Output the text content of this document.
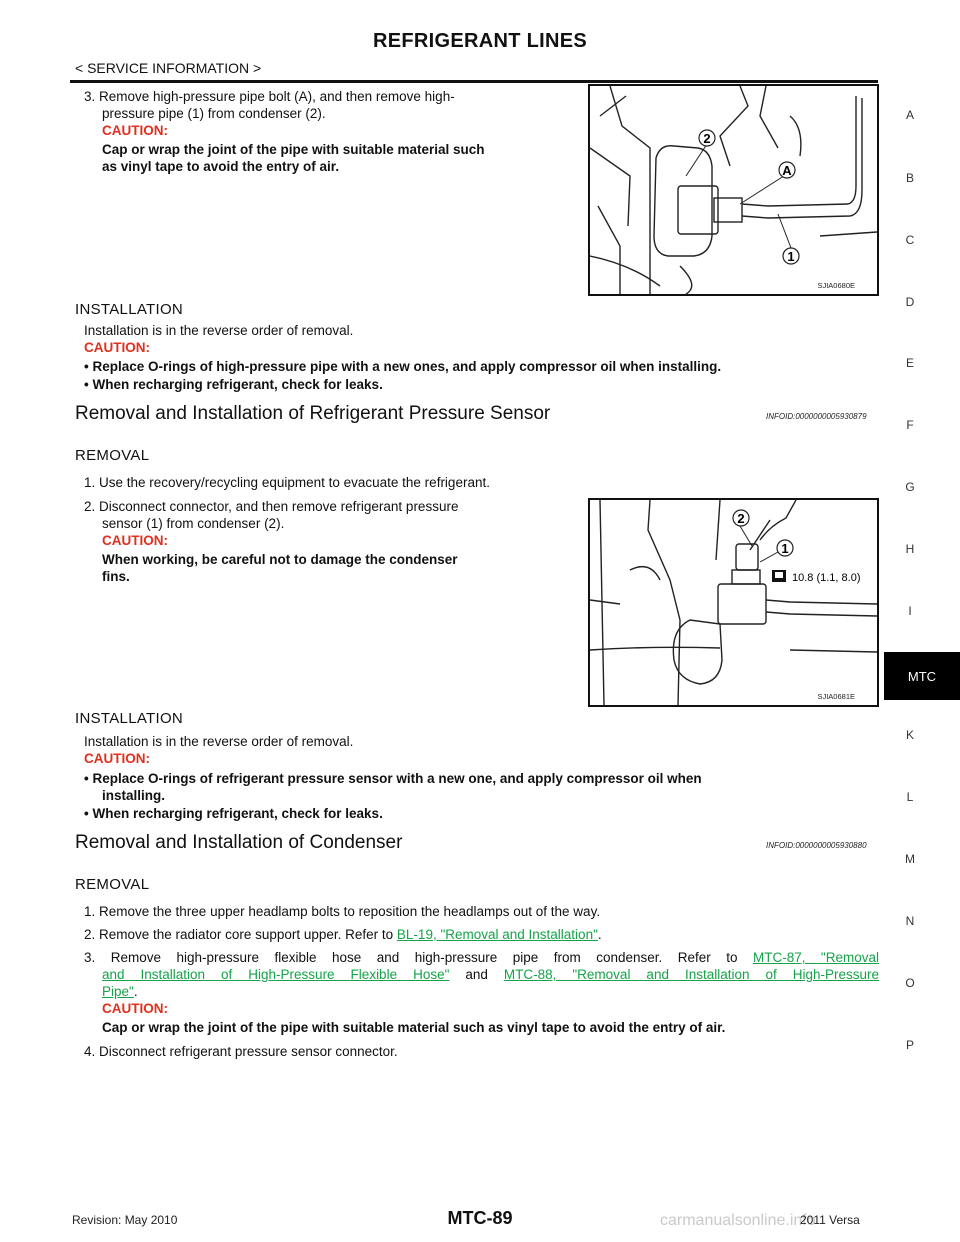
REFRIGERANT LINES
< SERVICE INFORMATION >
3. Remove high-pressure pipe bolt (A), and then remove high-
pressure pipe (1) from condenser (2).
CAUTION:
Cap or wrap the joint of the pipe with suitable material such
as vinyl tape to avoid the entry of air.
2
A
1
SJIA0680E
INSTALLATION
Installation is in the reverse order of removal.
CAUTION:
• Replace O-rings of high-pressure pipe with a new ones, and apply compressor oil when installing.
• When recharging refrigerant, check for leaks.
Removal and Installation of Refrigerant Pressure Sensor	INFOID:0000000005930879
REMOVAL
1. Use the recovery/recycling equipment to evacuate the refrigerant.
2. Disconnect connector, and then remove refrigerant pressure
sensor (1) from condenser (2).
CAUTION:
When working, be careful not to damage the condenser
fins.
2
1
10.8 (1.1, 8.0)
SJIA0681E
INSTALLATION
Installation is in the reverse order of removal.
CAUTION:
• Replace O-rings of refrigerant pressure sensor with a new one, and apply compressor oil when
installing.
• When recharging refrigerant, check for leaks.
Removal and Installation of Condenser	INFOID:0000000005930880
REMOVAL
1. Remove the three upper headlamp bolts to reposition the headlamps out of the way.
2. Remove the radiator core support upper. Refer to BL-19, "Removal and Installation".
3. Remove high-pressure flexible hose and high-pressure pipe from condenser. Refer to MTC-87, "Removal
and Installation of High-Pressure Flexible Hose" and MTC-88, "Removal and Installation of High-Pressure
Pipe".
CAUTION:
Cap or wrap the joint of the pipe with suitable material such as vinyl tape to avoid the entry of air.
4. Disconnect refrigerant pressure sensor connector.
A
B
C
D
E
F
G
H
I
MTC
K
L
M
N
O
P
Revision: May 2010	MTC-89	carmanualsonline.info
2011 Versa
